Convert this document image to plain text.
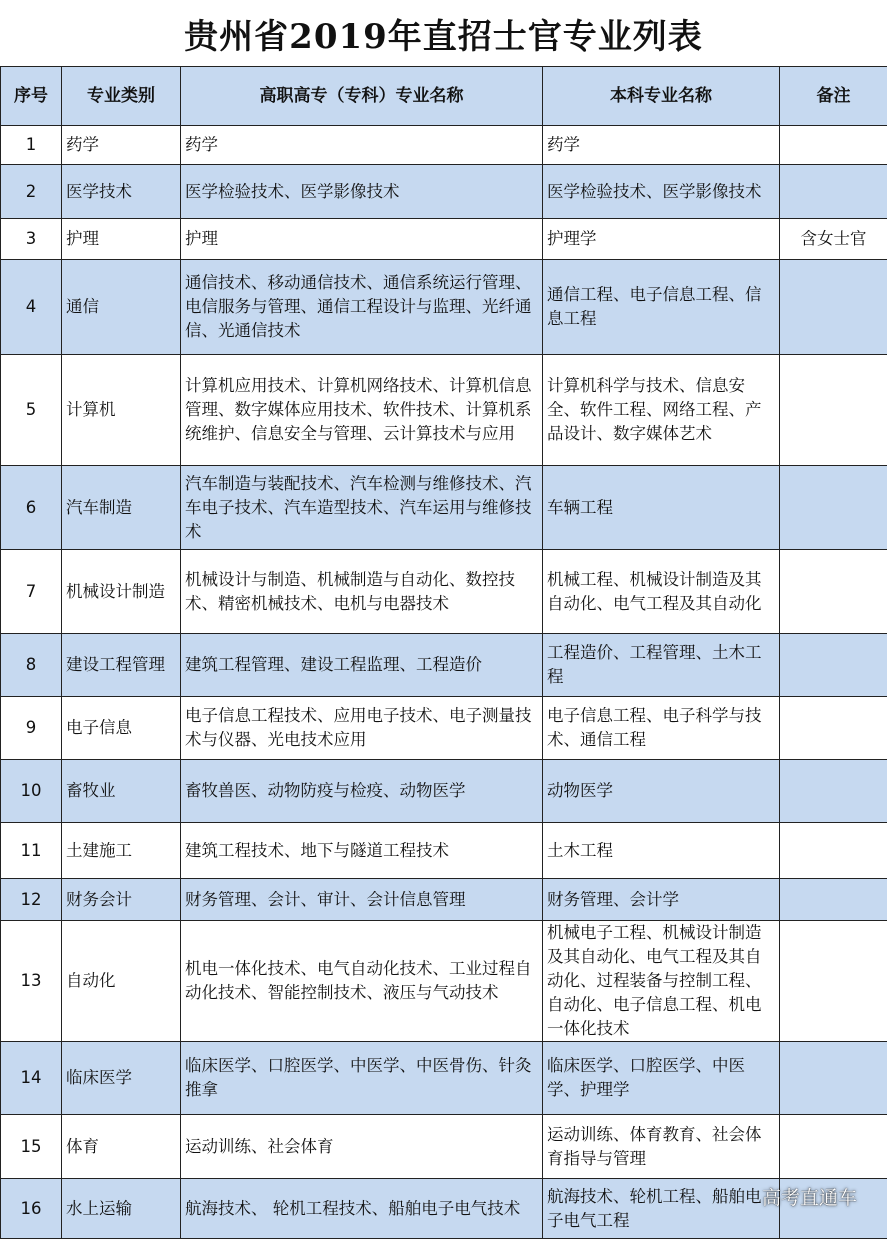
贵州省2019年直招士官专业列表
序号	专业类别	高职高专（专科）专业名称	本科专业名称	备注

1	药学	药学	药学	

2	医学技术	医学检验技术、医学影像技术	医学检验技术、医学影像技术	

3	护理	护理	护理学	含女士官

4	通信	通信技术、移动通信技术、通信系统运行管理、电信服务与管理、通信工程设计与监理、光纤通信、光通信技术	通信工程、电子信息工程、信息工程	

5	计算机	计算机应用技术、计算机网络技术、计算机信息管理、数字媒体应用技术、软件技术、计算机系统维护、信息安全与管理、云计算技术与应用	计算机科学与技术、信息安全、软件工程、网络工程、产品设计、数字媒体艺术	

6	汽车制造	汽车制造与装配技术、汽车检测与维修技术、汽车电子技术、汽车造型技术、汽车运用与维修技术	车辆工程	

7	机械设计制造	机械设计与制造、机械制造与自动化、数控技术、精密机械技术、电机与电器技术	机械工程、机械设计制造及其自动化、电气工程及其自动化	

8	建设工程管理	建筑工程管理、建设工程监理、工程造价	工程造价、工程管理、土木工程	

9	电子信息	电子信息工程技术、应用电子技术、电子测量技术与仪器、光电技术应用	电子信息工程、电子科学与技术、通信工程	

10	畜牧业	畜牧兽医、动物防疫与检疫、动物医学	动物医学	

11	土建施工	建筑工程技术、地下与隧道工程技术	土木工程	

12	财务会计	财务管理、会计、审计、会计信息管理	财务管理、会计学	

13	自动化	机电一体化技术、电气自动化技术、工业过程自动化技术、智能控制技术、液压与气动技术	机械电子工程、机械设计制造及其自动化、电气工程及其自动化、过程装备与控制工程、自动化、电子信息工程、机电一体化技术	

14	临床医学	临床医学、口腔医学、中医学、中医骨伤、针灸推拿	临床医学、口腔医学、中医学、护理学	

15	体育	运动训练、社会体育	运动训练、体育教育、社会体育指导与管理	

16	水上运输	航海技术、 轮机工程技术、船舶电子电气技术	航海技术、轮机工程、船舶电子电气工程	

高考直通车
